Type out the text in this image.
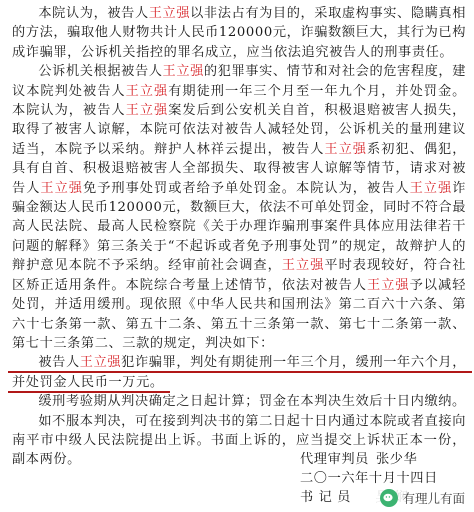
本院认为，被告人王立强以非法占有为目的，采取虚构事实、隐瞒真相的方法，骗取他人财物共计人民币120000元，诈骗数额巨大，其行为已构成诈骗罪，公诉机关指控的罪名成立，应当依法追究被告人的刑事责任。

公诉机关根据被告人王立强的犯罪事实、情节和对社会的危害程度，建议本院判处被告人王立强有期徒刑一年三个月至一年九个月，并处罚金。本院认为，被告人王立强案发后到公安机关自首，积极退赔被害人损失，取得了被害人谅解，本院可依法对被告人减轻处罚，公诉机关的量刑建议适当，本院予以采纳。辩护人林祥云提出，被告人王立强系初犯、偶犯，具有自首、积极退赔被害人全部损失、取得被害人谅解等情节，请求对被告人王立强免予刑事处罚或者给予单处罚金。本院认为，被告人王立强诈骗金额达人民币120000元，数额巨大，依法不可单处罚金，同时不符合最高人民法院、最高人民检察院《关于办理诈骗刑事案件具体应用法律若干问题的解释》第三条关于“不起诉或者免予刑事处罚”的规定，故辩护人的辩护意见本院不予采纳。经审前社会调查，王立强平时表现较好，符合社区矫正适用条件。本院综合考量上述情节，依法对被告人王立强予以减轻处罚，并适用缓刑。现依照《中华人民共和国刑法》第二百六十六条、第六十七条第一款、第五十二条、第五十三条第一款、第七十二条第一款、第七十三条第二、三款的规定，判决如下：

被告人王立强犯诈骗罪，判处有期徒刑一年三个月，缓刑一年六个月，并处罚金人民币一万元。

缓刑考验期从判决确定之日起计算；罚金在本判决生效后十日内缴纳。

如不服本判决，可在接到判决书的第二日起十日内通过本院或者直接向南平市中级人民法院提出上诉。书面上诉的，应当提交上诉状正本一份，副本两份。	代理审判员 张少华
二〇一六年十月十四日
书 记 员	有理儿有面
